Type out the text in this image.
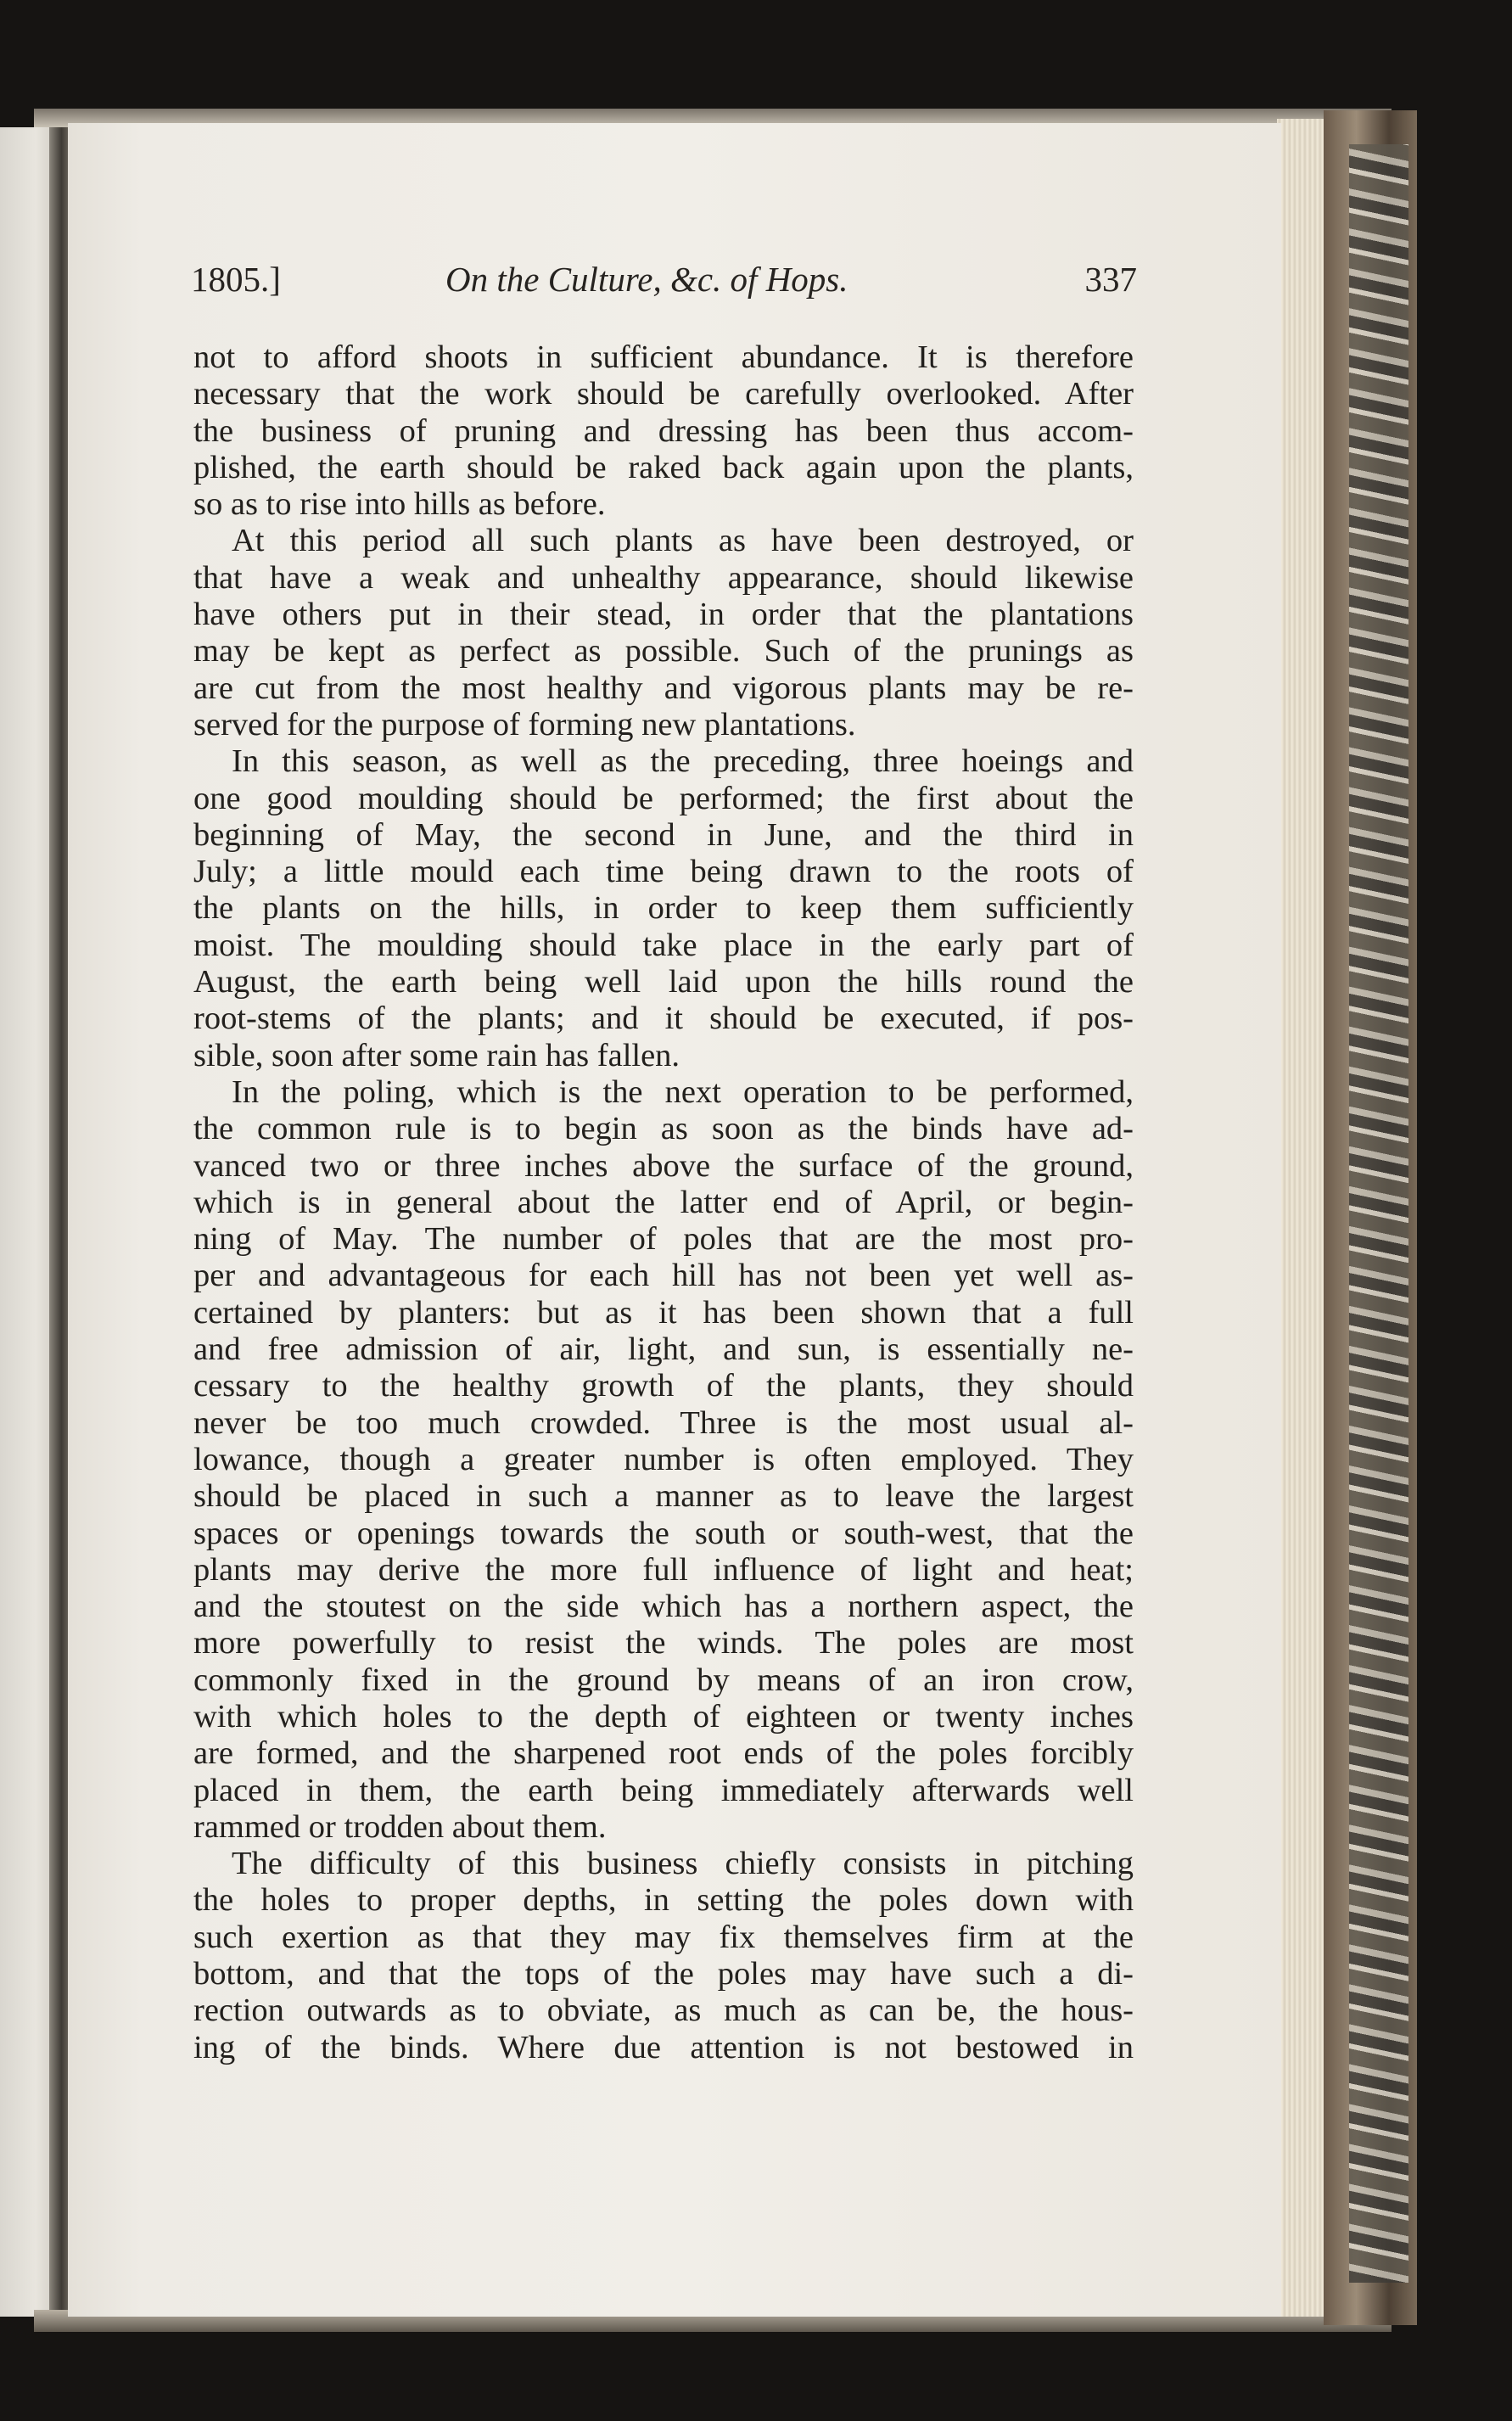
1805.]	On the Culture, &c. of Hops.	337
not to afford shoots in sufficient abundance. It is therefore
necessary that the work should be carefully overlooked. After
the business of pruning and dressing has been thus accom-
plished, the earth should be raked back again upon the plants,
so as to rise into hills as before.
At this period all such plants as have been destroyed, or
that have a weak and unhealthy appearance, should likewise
have others put in their stead, in order that the plantations
may be kept as perfect as possible. Such of the prunings as
are cut from the most healthy and vigorous plants may be re-
served for the purpose of forming new plantations.
In this season, as well as the preceding, three hoeings and
one good moulding should be performed; the first about the
beginning of May, the second in June, and the third in
July; a little mould each time being drawn to the roots of
the plants on the hills, in order to keep them sufficiently
moist. The moulding should take place in the early part of
August, the earth being well laid upon the hills round the
root-stems of the plants; and it should be executed, if pos-
sible, soon after some rain has fallen.
In the poling, which is the next operation to be performed,
the common rule is to begin as soon as the binds have ad-
vanced two or three inches above the surface of the ground,
which is in general about the latter end of April, or begin-
ning of May. The number of poles that are the most pro-
per and advantageous for each hill has not been yet well as-
certained by planters: but as it has been shown that a full
and free admission of air, light, and sun, is essentially ne-
cessary to the healthy growth of the plants, they should
never be too much crowded. Three is the most usual al-
lowance, though a greater number is often employed. They
should be placed in such a manner as to leave the largest
spaces or openings towards the south or south-west, that the
plants may derive the more full influence of light and heat;
and the stoutest on the side which has a northern aspect, the
more powerfully to resist the winds. The poles are most
commonly fixed in the ground by means of an iron crow,
with which holes to the depth of eighteen or twenty inches
are formed, and the sharpened root ends of the poles forcibly
placed in them, the earth being immediately afterwards well
rammed or trodden about them.
The difficulty of this business chiefly consists in pitching
the holes to proper depths, in setting the poles down with
such exertion as that they may fix themselves firm at the
bottom, and that the tops of the poles may have such a di-
rection outwards as to obviate, as much as can be, the hous-
ing of the binds. Where due attention is not bestowed in
